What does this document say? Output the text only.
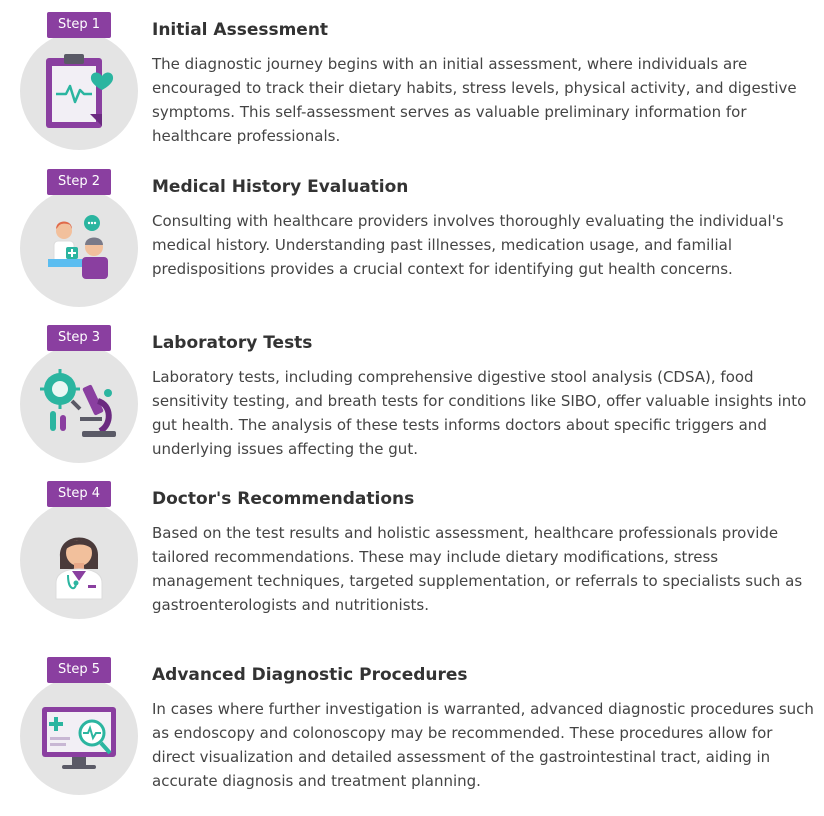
Step 1	Initial Assessment

The diagnostic journey begins with an initial assessment, where individuals are encouraged to track their dietary habits, stress levels, physical activity, and digestive symptoms. This self-assessment serves as valuable preliminary information for healthcare professionals.

Step 2	Medical History Evaluation

Consulting with healthcare providers involves thoroughly evaluating the individual's medical history. Understanding past illnesses, medication usage, and familial predispositions provides a crucial context for identifying gut health concerns.

Step 3	Laboratory Tests

Laboratory tests, including comprehensive digestive stool analysis (CDSA), food sensitivity testing, and breath tests for conditions like SIBO, offer valuable insights into gut health. The analysis of these tests informs doctors about specific triggers and underlying issues affecting the gut.

Step 4	Doctor's Recommendations

Based on the test results and holistic assessment, healthcare professionals provide tailored recommendations. These may include dietary modifications, stress management techniques, targeted supplementation, or referrals to specialists such as gastroenterologists and nutritionists.

Step 5	Advanced Diagnostic Procedures

In cases where further investigation is warranted, advanced diagnostic procedures such as endoscopy and colonoscopy may be recommended. These procedures allow for direct visualization and detailed assessment of the gastrointestinal tract, aiding in accurate diagnosis and treatment planning.
